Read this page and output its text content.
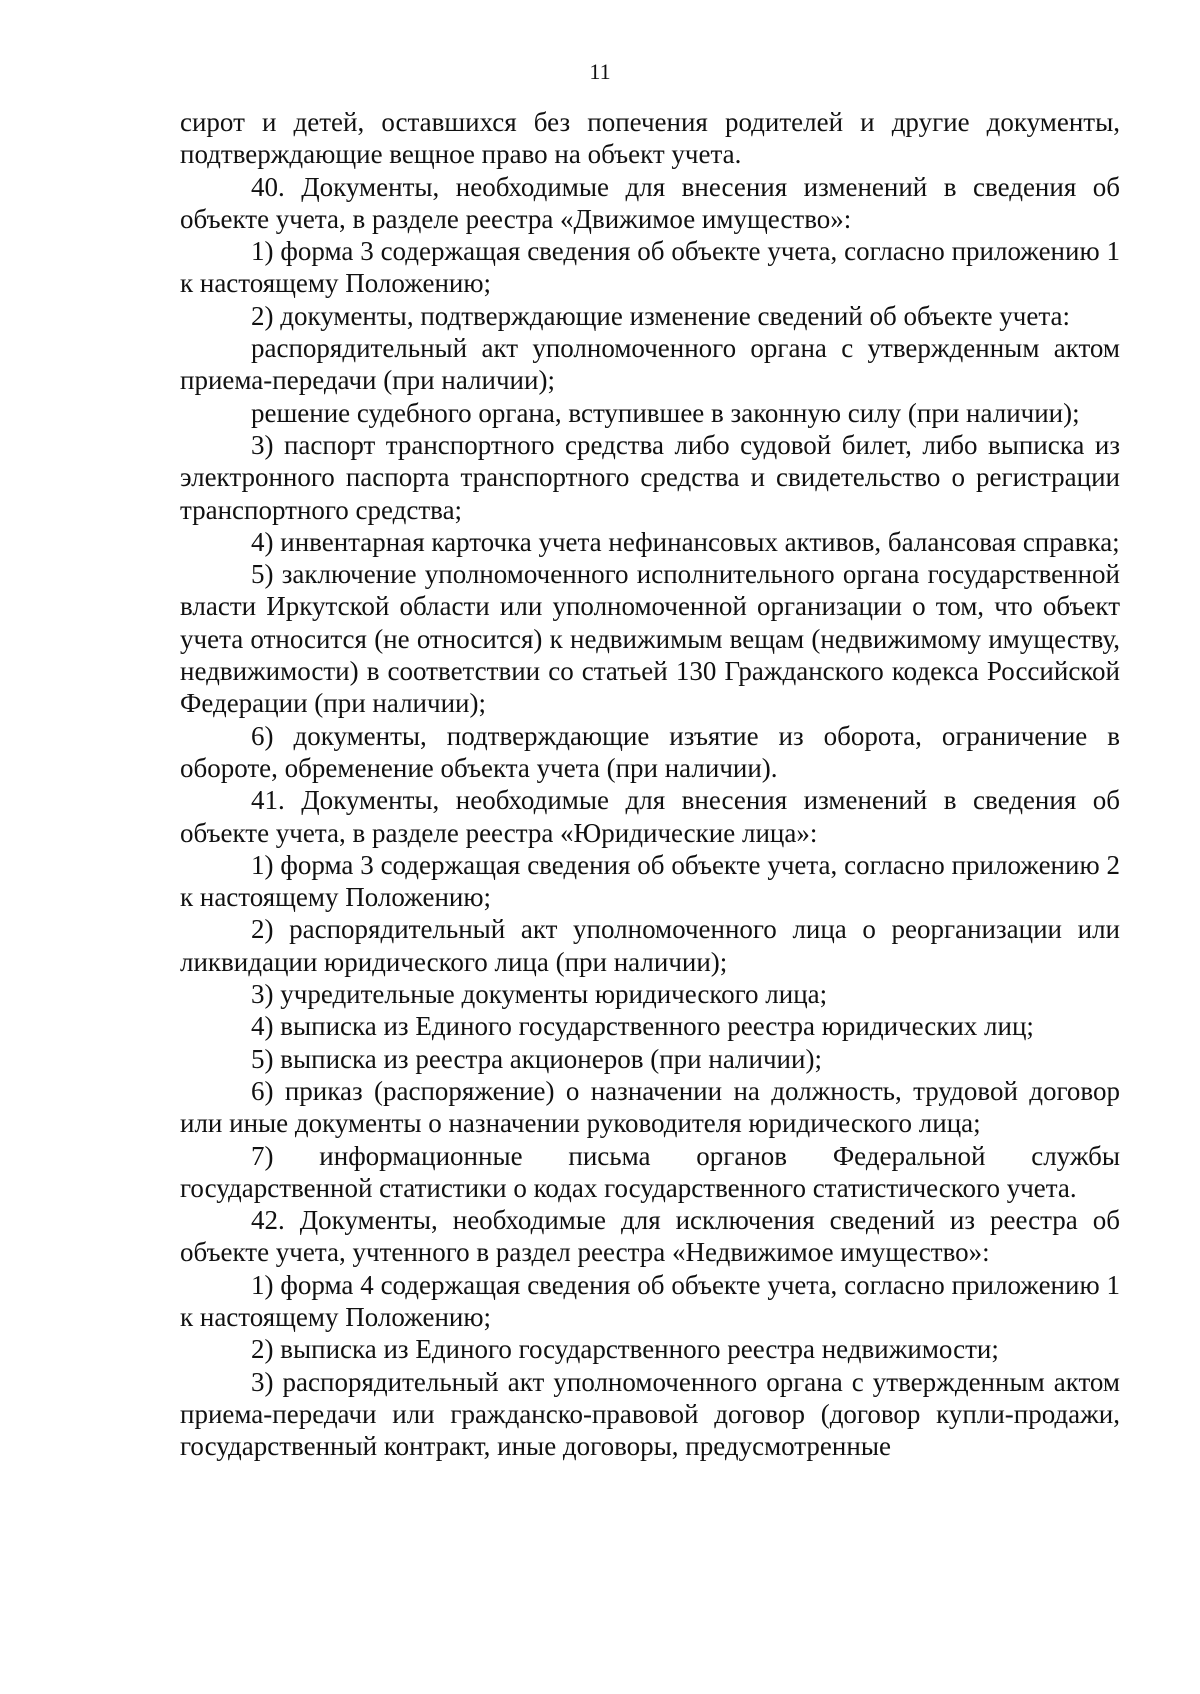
11

сирот и детей, оставшихся без попечения родителей и другие документы, подтверждающие вещное право на объект учета.

40. Документы, необходимые для внесения изменений в сведения об объекте учета, в разделе реестра «Движимое имущество»:

1) форма 3 содержащая сведения об объекте учета, согласно приложению 1 к настоящему Положению;

2) документы, подтверждающие изменение сведений об объекте учета:

распорядительный акт уполномоченного органа с утвержденным актом приема-передачи (при наличии);

решение судебного органа, вступившее в законную силу (при наличии);

3) паспорт транспортного средства либо судовой билет, либо выписка из электронного паспорта транспортного средства и свидетельство о регистрации транспортного средства;

4) инвентарная карточка учета нефинансовых активов, балансовая справка;

5) заключение уполномоченного исполнительного органа государственной власти Иркутской области или уполномоченной организации о том, что объект учета относится (не относится) к недвижимым вещам (недвижимому имуществу, недвижимости) в соответствии со статьей 130 Гражданского кодекса Российской Федерации (при наличии);

6) документы, подтверждающие изъятие из оборота, ограничение в обороте, обременение объекта учета (при наличии).

41. Документы, необходимые для внесения изменений в сведения об объекте учета, в разделе реестра «Юридические лица»:

1) форма 3 содержащая сведения об объекте учета, согласно приложению 2 к настоящему Положению;

2) распорядительный акт уполномоченного лица о реорганизации или ликвидации юридического лица (при наличии);

3) учредительные документы юридического лица;

4) выписка из Единого государственного реестра юридических лиц;

5) выписка из реестра акционеров (при наличии);

6) приказ (распоряжение) о назначении на должность, трудовой договор или иные документы о назначении руководителя юридического лица;

7) информационные письма органов Федеральной службы государственной статистики о кодах государственного статистического учета.

42. Документы, необходимые для исключения сведений из реестра об объекте учета, учтенного в раздел реестра «Недвижимое имущество»:

1) форма 4 содержащая сведения об объекте учета, согласно приложению 1 к настоящему Положению;

2) выписка из Единого государственного реестра недвижимости;

3) распорядительный акт уполномоченного органа с утвержденным актом приема-передачи или гражданско-правовой договор (договор купли-продажи, государственный контракт, иные договоры, предусмотренные
